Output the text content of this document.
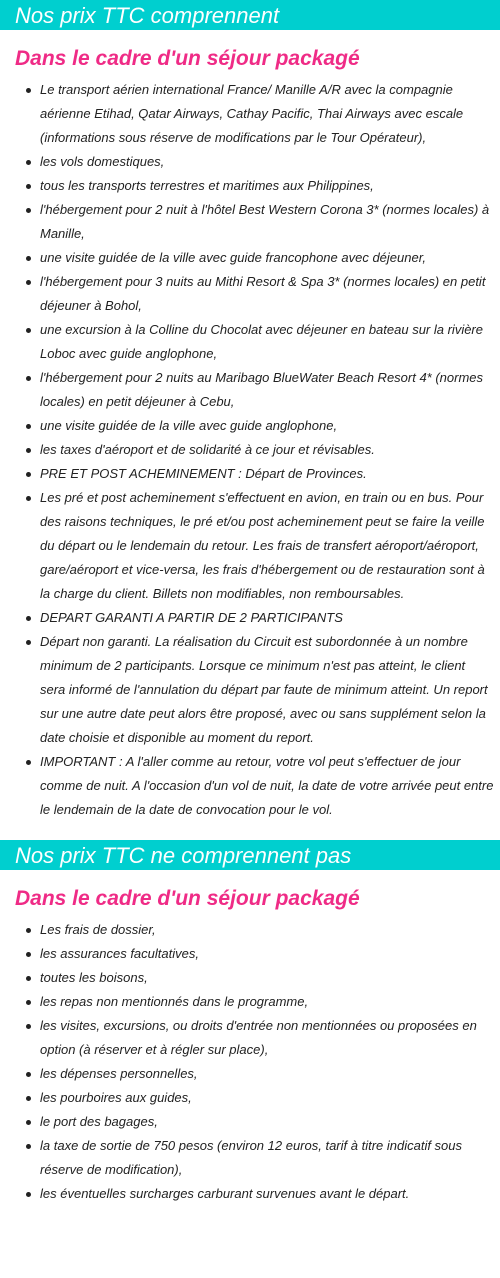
Nos prix TTC comprennent
Dans le cadre d'un séjour packagé
Le transport aérien international France/ Manille A/R avec la compagnie aérienne Etihad, Qatar Airways, Cathay Pacific, Thai Airways avec escale (informations sous réserve de modifications par le Tour Opérateur),
les vols domestiques,
tous les transports terrestres et maritimes aux Philippines,
l'hébergement pour 2 nuit à l'hôtel Best Western Corona 3* (normes locales) à Manille,
une visite guidée de la ville avec guide francophone avec déjeuner,
l'hébergement pour 3 nuits au Mithi Resort & Spa 3* (normes locales) en petit déjeuner à Bohol,
une excursion à la Colline du Chocolat avec déjeuner en bateau sur la rivière Loboc avec guide anglophone,
l'hébergement pour 2 nuits au Maribago BlueWater Beach Resort 4* (normes locales) en petit déjeuner à Cebu,
une visite guidée de la ville avec guide anglophone,
les taxes d'aéroport et de solidarité à ce jour et révisables.
PRE ET POST ACHEMINEMENT : Départ de Provinces.
Les pré et post acheminement s'effectuent en avion, en train ou en bus. Pour des raisons techniques, le pré et/ou post acheminement peut se faire la veille du départ ou le lendemain du retour. Les frais de transfert aéroport/aéroport, gare/aéroport et vice-versa, les frais d'hébergement ou de restauration sont à la charge du client. Billets non modifiables, non remboursables.
DEPART GARANTI A PARTIR DE 2 PARTICIPANTS
Départ non garanti. La réalisation du Circuit est subordonnée à un nombre minimum de 2 participants. Lorsque ce minimum n'est pas atteint, le client sera informé de l'annulation du départ par faute de minimum atteint. Un report sur une autre date peut alors être proposé, avec ou sans supplément selon la date choisie et disponible au moment du report.
IMPORTANT : A l'aller comme au retour, votre vol peut s'effectuer de jour comme de nuit. A l'occasion d'un vol de nuit, la date de votre arrivée peut entre le lendemain de la date de convocation pour le vol.
Nos prix TTC ne comprennent pas
Dans le cadre d'un séjour packagé
Les frais de dossier,
les assurances facultatives,
toutes les boisons,
les repas non mentionnés dans le programme,
les visites, excursions, ou droits d'entrée non mentionnées ou proposées en option (à réserver et à régler sur place),
les dépenses personnelles,
les pourboires aux guides,
le port des bagages,
la taxe de sortie de 750 pesos (environ 12 euros, tarif à titre indicatif sous réserve de modification),
les éventuelles surcharges carburant survenues avant le départ.
